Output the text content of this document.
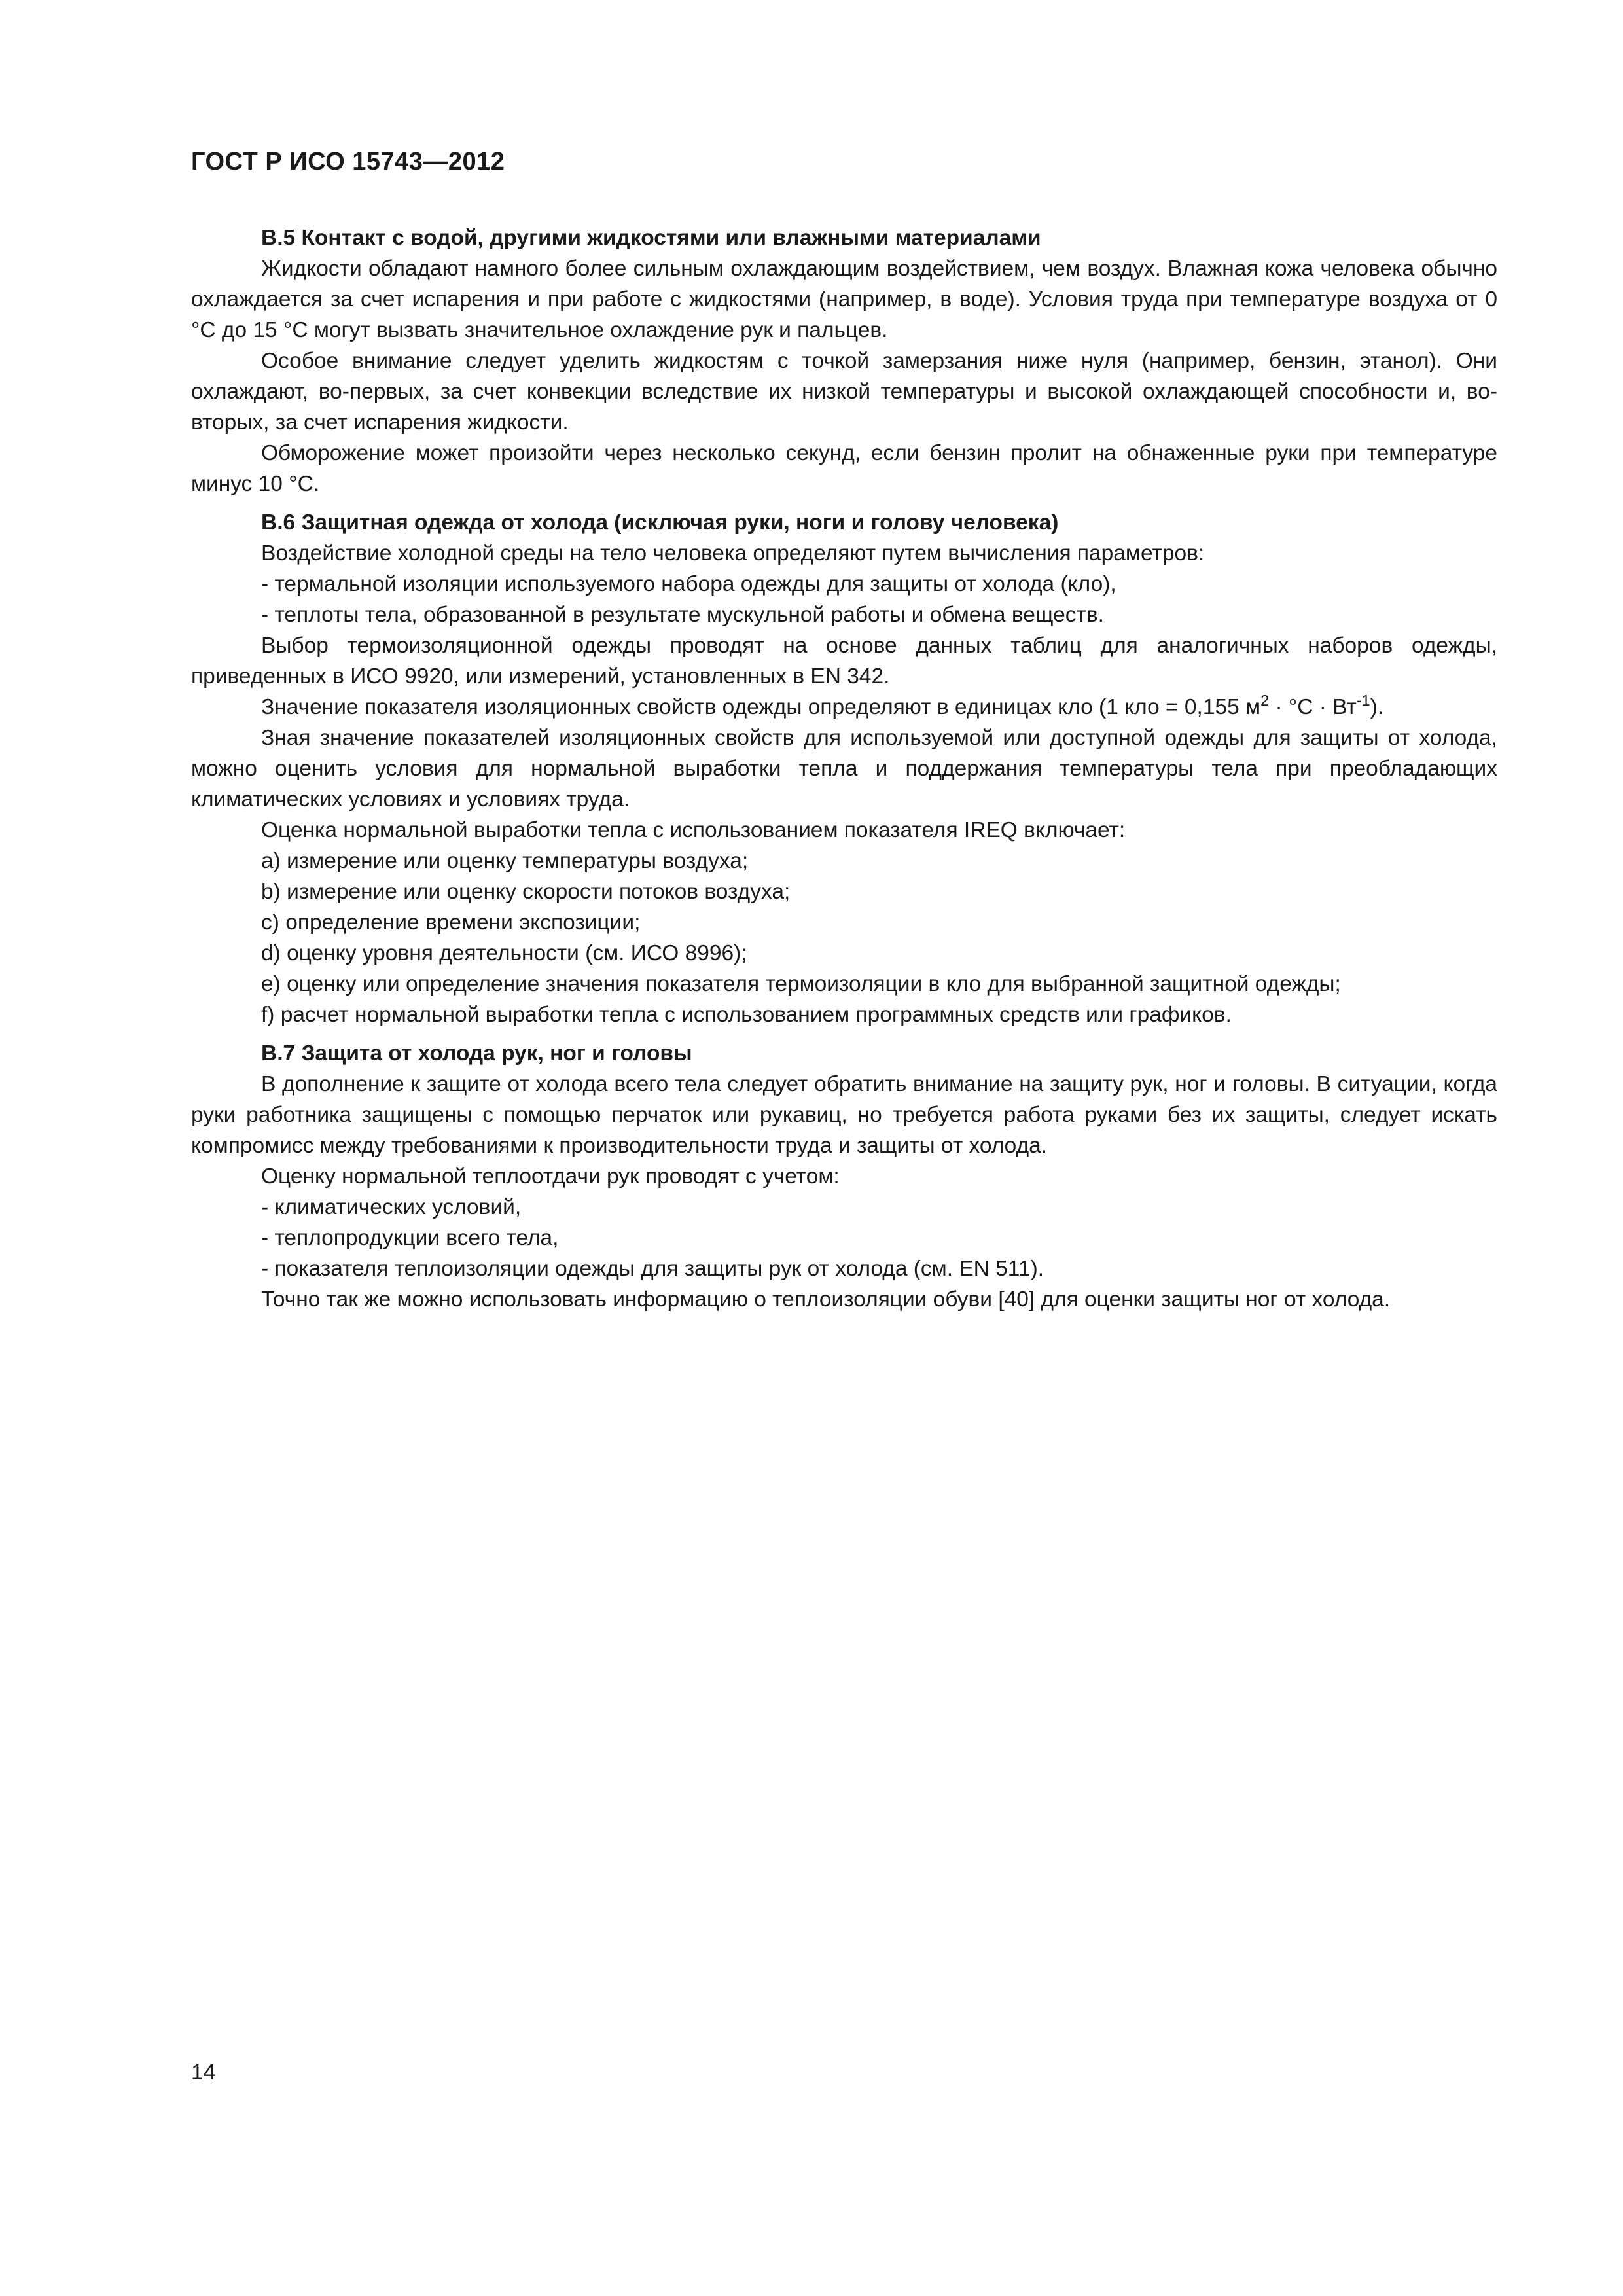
ГОСТ Р ИСО 15743—2012

В.5 Контакт с водой, другими жидкостями или влажными материалами

Жидкости обладают намного более сильным охлаждающим воздействием, чем воздух. Влажная кожа человека обычно охлаждается за счет испарения и при работе с жидкостями (например, в воде). Условия труда при температуре воздуха от 0 °С до 15 °С могут вызвать значительное охлаждение рук и пальцев.

Особое внимание следует уделить жидкостям с точкой замерзания ниже нуля (например, бензин, этанол). Они охлаждают, во-первых, за счет конвекции вследствие их низкой температуры и высокой охлаждающей способности и, во-вторых, за счет испарения жидкости.

Обморожение может произойти через несколько секунд, если бензин пролит на обнаженные руки при температуре минус 10 °С.

В.6 Защитная одежда от холода (исключая руки, ноги и голову человека)

Воздействие холодной среды на тело человека определяют путем вычисления параметров:

- термальной изоляции используемого набора одежды для защиты от холода (кло),

- теплоты тела, образованной в результате мускульной работы и обмена веществ.

Выбор термоизоляционной одежды проводят на основе данных таблиц для аналогичных наборов одежды, приведенных в ИСО 9920, или измерений, установленных в EN 342.

Значение показателя изоляционных свойств одежды определяют в единицах кло (1 кло = 0,155 $м^2 \cdot ^\circ С \cdot Вт^{-1}$).

Зная значение показателей изоляционных свойств для используемой или доступной одежды для защиты от холода, можно оценить условия для нормальной выработки тепла и поддержания температуры тела при преобладающих климатических условиях и условиях труда.

Оценка нормальной выработки тепла с использованием показателя IREQ включает:

a) измерение или оценку температуры воздуха;

b) измерение или оценку скорости потоков воздуха;

c) определение времени экспозиции;

d) оценку уровня деятельности (см. ИСО 8996);

e) оценку или определение значения показателя термоизоляции в кло для выбранной защитной одежды;

f) расчет нормальной выработки тепла с использованием программных средств или графиков.

В.7 Защита от холода рук, ног и головы

В дополнение к защите от холода всего тела следует обратить внимание на защиту рук, ног и головы. В ситуации, когда руки работника защищены с помощью перчаток или рукавиц, но требуется работа руками без их защиты, следует искать компромисс между требованиями к производительности труда и защиты от холода.

Оценку нормальной теплоотдачи рук проводят с учетом:

- климатических условий,

- теплопродукции всего тела,

- показателя теплоизоляции одежды для защиты рук от холода (см. EN 511).

Точно так же можно использовать информацию о теплоизоляции обуви [40] для оценки защиты ног от холода.

14
